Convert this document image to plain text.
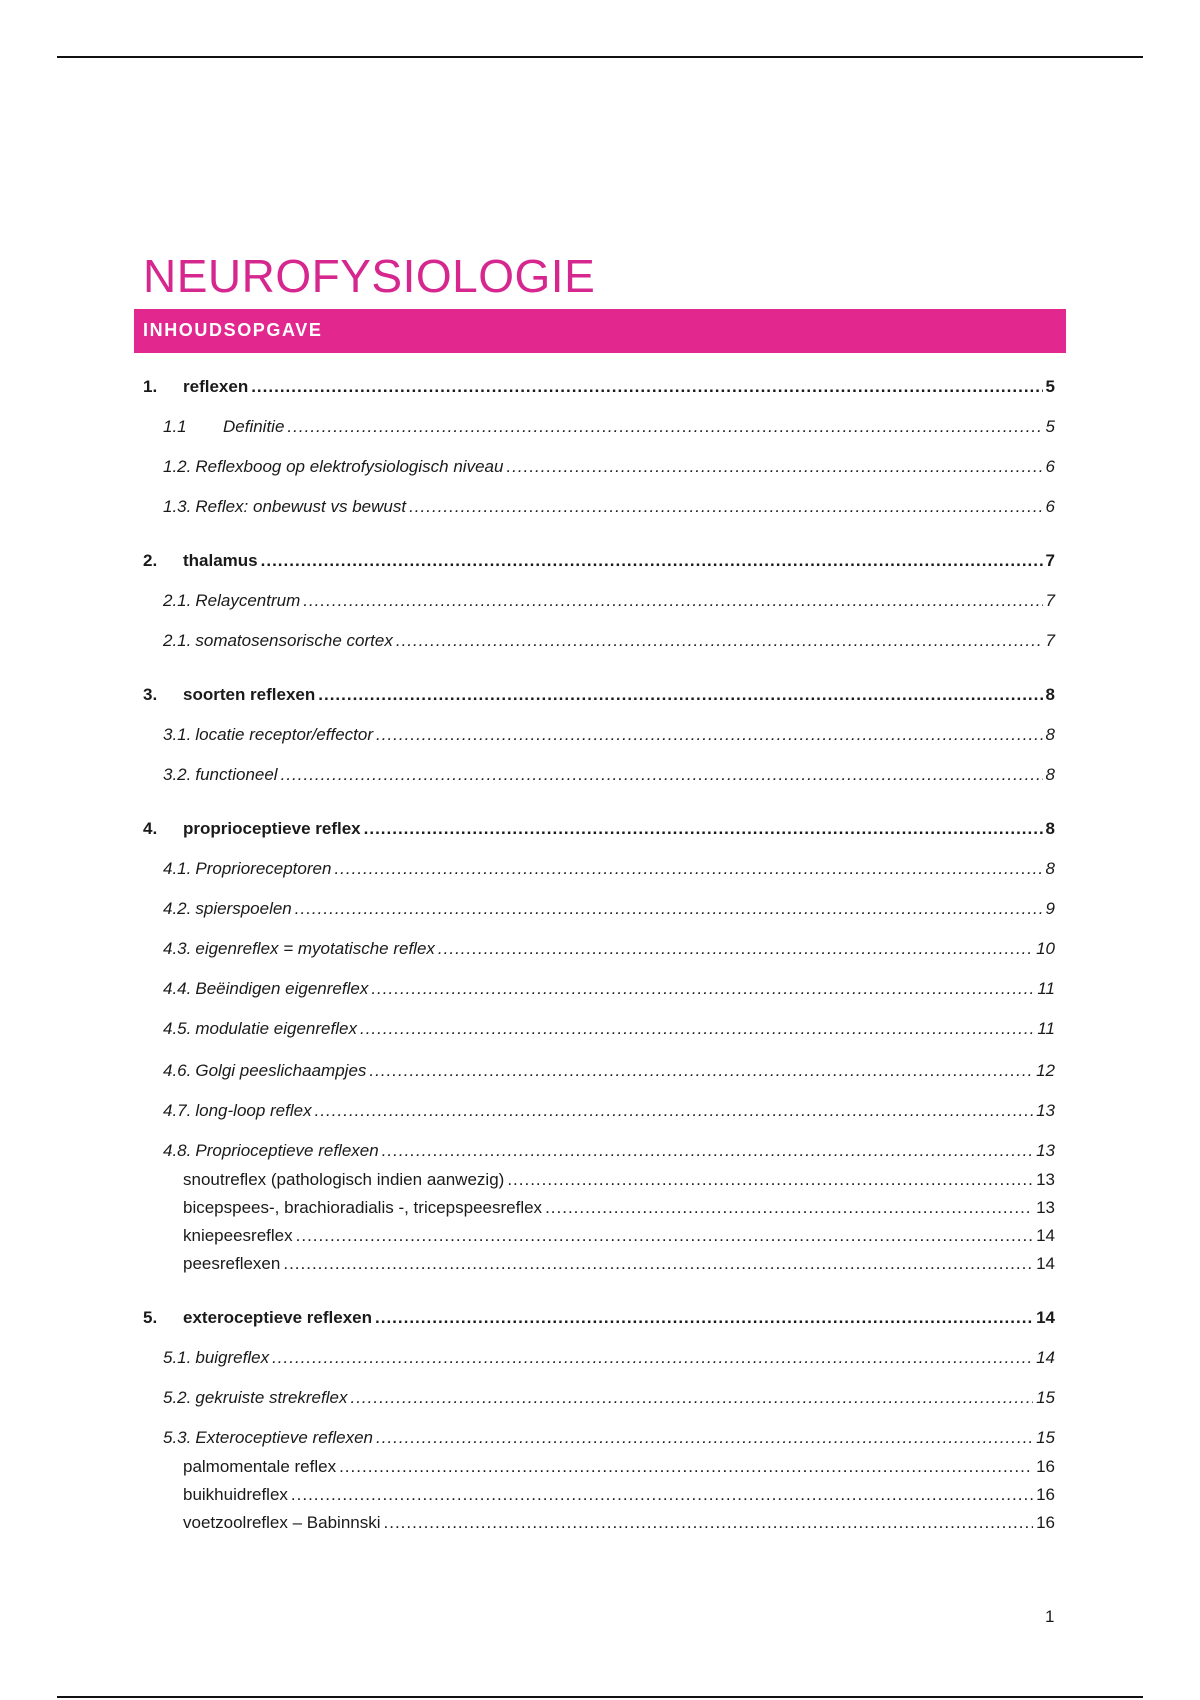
NEUROFYSIOLOGIE
INHOUDSOPGAVE
1.	reflexen .....	5
1.1	Definitie .....	5
1.2. Reflexboog op elektrofysiologisch niveau .....	6
1.3. Reflex: onbewust vs bewust .....	6
2.	thalamus .....	7
2.1. Relaycentrum .....	7
2.1. somatosensorische cortex .....	7
3.	soorten reflexen .....	8
3.1. locatie receptor/effector .....	8
3.2. functioneel .....	8
4.	proprioceptieve reflex .....	8
4.1. Proprioreceptoren .....	8
4.2. spierspoelen .....	9
4.3. eigenreflex = myotatische reflex .....	10
4.4. Beëindigen eigenreflex .....	11
4.5. modulatie eigenreflex .....	11
4.6. Golgi peeslichaampjes .....	12
4.7. long-loop reflex .....	13
4.8. Proprioceptieve reflexen .....	13
snoutreflex (pathologisch indien aanwezig) .....	13
bicepspees-, brachioradialis -, tricepspeesreflex .....	13
kniepeesreflex .....	14
peesreflexen .....	14
5.	exteroceptieve reflexen .....	14
5.1. buigreflex .....	14
5.2. gekruiste strekreflex .....	15
5.3. Exteroceptieve reflexen .....	15
palmomentale reflex .....	16
buikhuidreflex .....	16
voetzoolreflex – Babinnski .....	16
1
